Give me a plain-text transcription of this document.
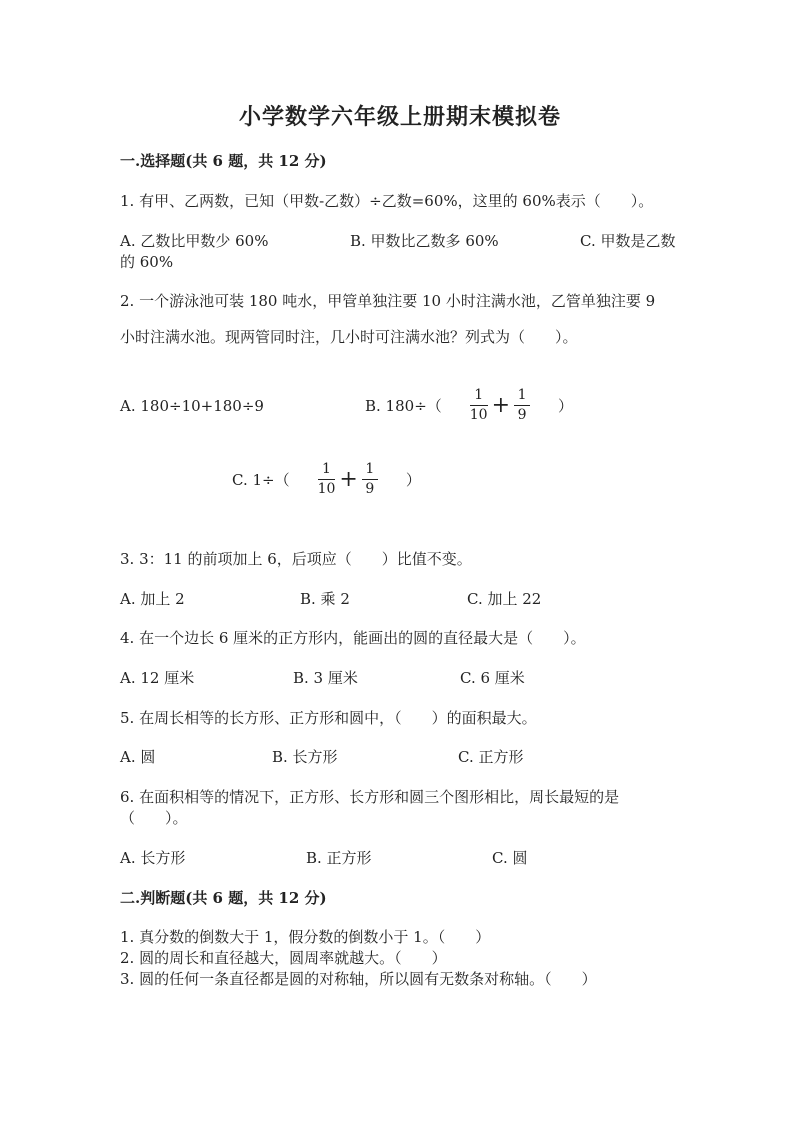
小学数学六年级上册期末模拟卷
一.选择题(共 6 题，共 12 分)
1. 有甲、乙两数，已知（甲数-乙数）÷乙数=60%，这里的 60%表示（　　）。
A. 乙数比甲数少 60%	B. 甲数比乙数多 60%	C. 甲数是乙数
的 60%
2. 一个游泳池可装 180 吨水，甲管单独注要 10 小时注满水池，乙管单独注要 9
小时注满水池。现两管同时注，几小时可注满水池？列式为（　　）。
A. 180÷10+180÷9	B. $180\div( \frac{1}{10} + \frac{1}{9}$ ）
C. $1\div( \frac{1}{10} + \frac{1}{9}$ ）
3. 3：11 的前项加上 6，后项应（　　）比值不变。
A. 加上 2	B. 乘 2	C. 加上 22
4. 在一个边长 6 厘米的正方形内，能画出的圆的直径最大是（　　）。
A. 12 厘米	B. 3 厘米	C. 6 厘米
5. 在周长相等的长方形、正方形和圆中，（　　）的面积最大。
A. 圆	B. 长方形	C. 正方形
6. 在面积相等的情况下，正方形、长方形和圆三个图形相比，周长最短的是
（　　）。
A. 长方形	B. 正方形	C. 圆
二.判断题(共 6 题，共 12 分)
1. 真分数的倒数大于 1，假分数的倒数小于 1。（　　）
2. 圆的周长和直径越大，圆周率就越大。（　　）
3. 圆的任何一条直径都是圆的对称轴，所以圆有无数条对称轴。（　　）
